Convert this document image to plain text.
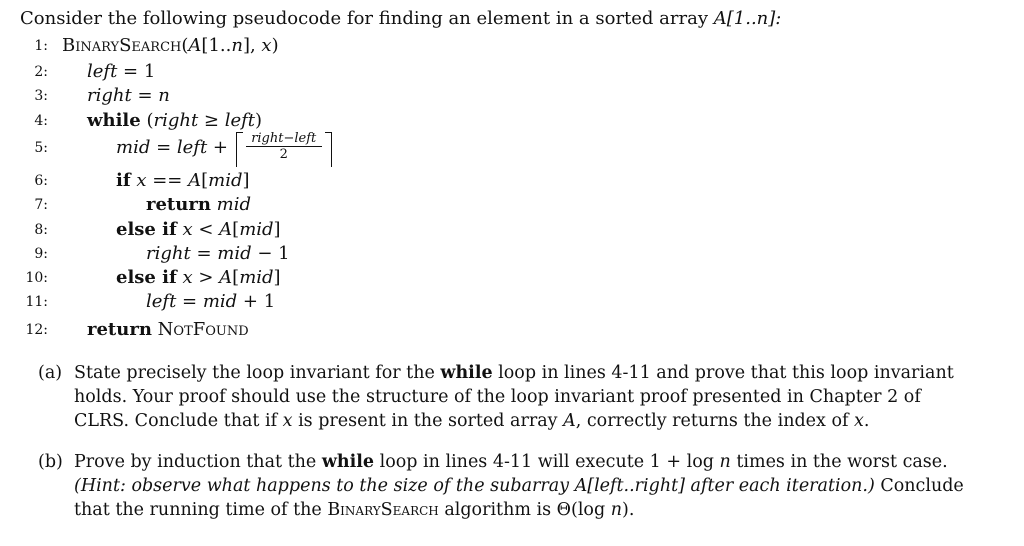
Consider the following pseudocode for finding an element in a sorted array A[1..n]:
1: BinarySearch(A[1..n], x)
2: left = 1
3: right = n
4: while (right ≥ left)
5:	mid = left + $\frac{\text{right−left}}{2}$
6:	if x == A[mid]
7:	return mid
8:	else if x < A[mid]
9:	right = mid − 1
10:	else if x > A[mid]
11:	left = mid + 1
12: return NotFound
(a) State precisely the loop invariant for the while loop in lines 4-11 and prove that this loop invariant holds. Your proof should use the structure of the loop invariant proof presented in Chapter 2 of CLRS. Conclude that if x is present in the sorted array A, correctly returns the index of x.
(b) Prove by induction that the while loop in lines 4-11 will execute 1 + log n times in the worst case. (Hint: observe what happens to the size of the subarray A[left..right] after each iteration.) Conclude that the running time of the BinarySearch algorithm is Θ(log n).
